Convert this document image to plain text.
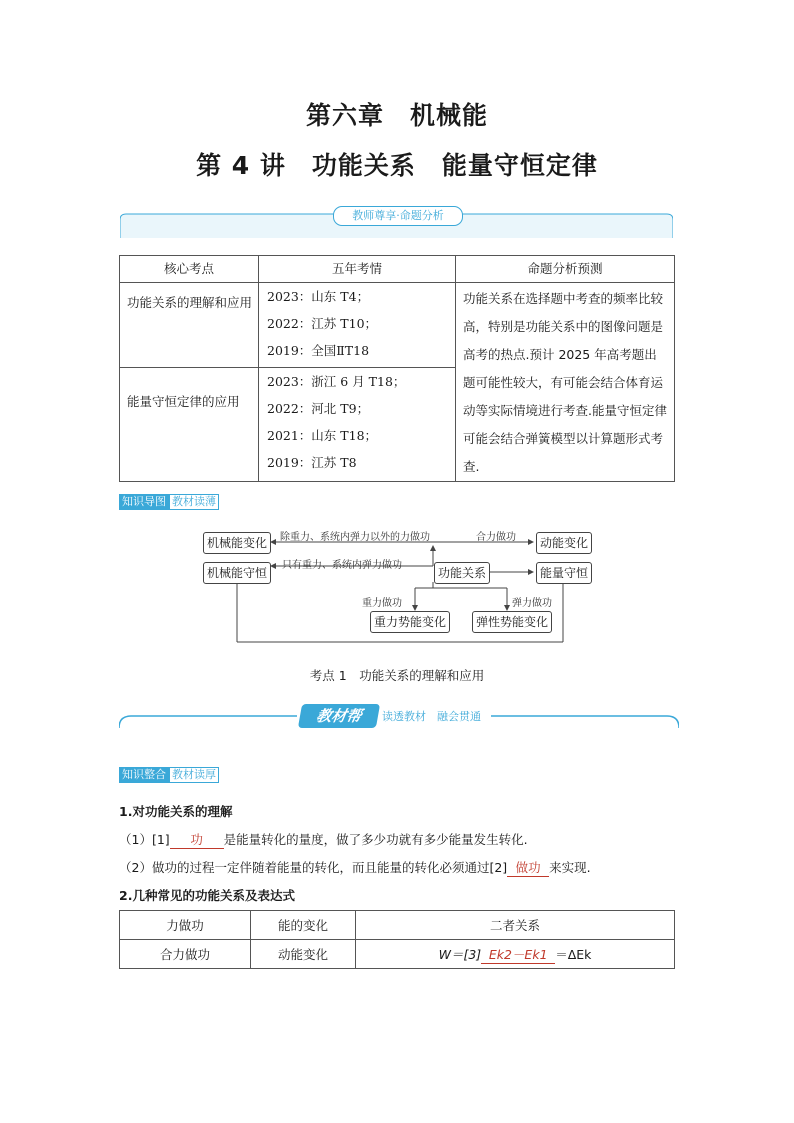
第六章　机械能
第 4 讲　功能关系　能量守恒定律
教师尊享·命题分析
核心考点	五年考情	命题分析预测

功能关系的理解和应用	2023：山东 T4；
2022：江苏 T10；
2019：全国ⅡT18	功能关系在选择题中考查的频率比较高，特别是功能关系中的图像问题是高考的热点.预计 2025 年高考题出题可能性较大，有可能会结合体育运动等实际情境进行考查.能量守恒定律可能会结合弹簧模型以计算题形式考查.

能量守恒定律的应用	2023：浙江 6 月 T18；
2022：河北 T9；
2021：山东 T18；
2019：江苏 T8	
知识导图 教材读薄
机械能变化	动能变化
机械能守恒	功能关系	能量守恒
重力势能变化	弹性势能变化
除重力、系统内弹力以外的力做功	合力做功
只有重力、系统内弹力做功
重力做功	弹力做功
考点 1　功能关系的理解和应用
教材帮	读透教材　融会贯通
知识整合 教材读厚
1.对功能关系的理解
（1）[1] 功 是能量转化的量度，做了多少功就有多少能量发生转化.
（2）做功的过程一定伴随着能量的转化，而且能量的转化必须通过[2] 做功 来实现.
2.几种常见的功能关系及表达式
力做功	能的变化	二者关系
合力做功	动能变化	W＝[3] Ek2－Ek1 ＝ΔEk
